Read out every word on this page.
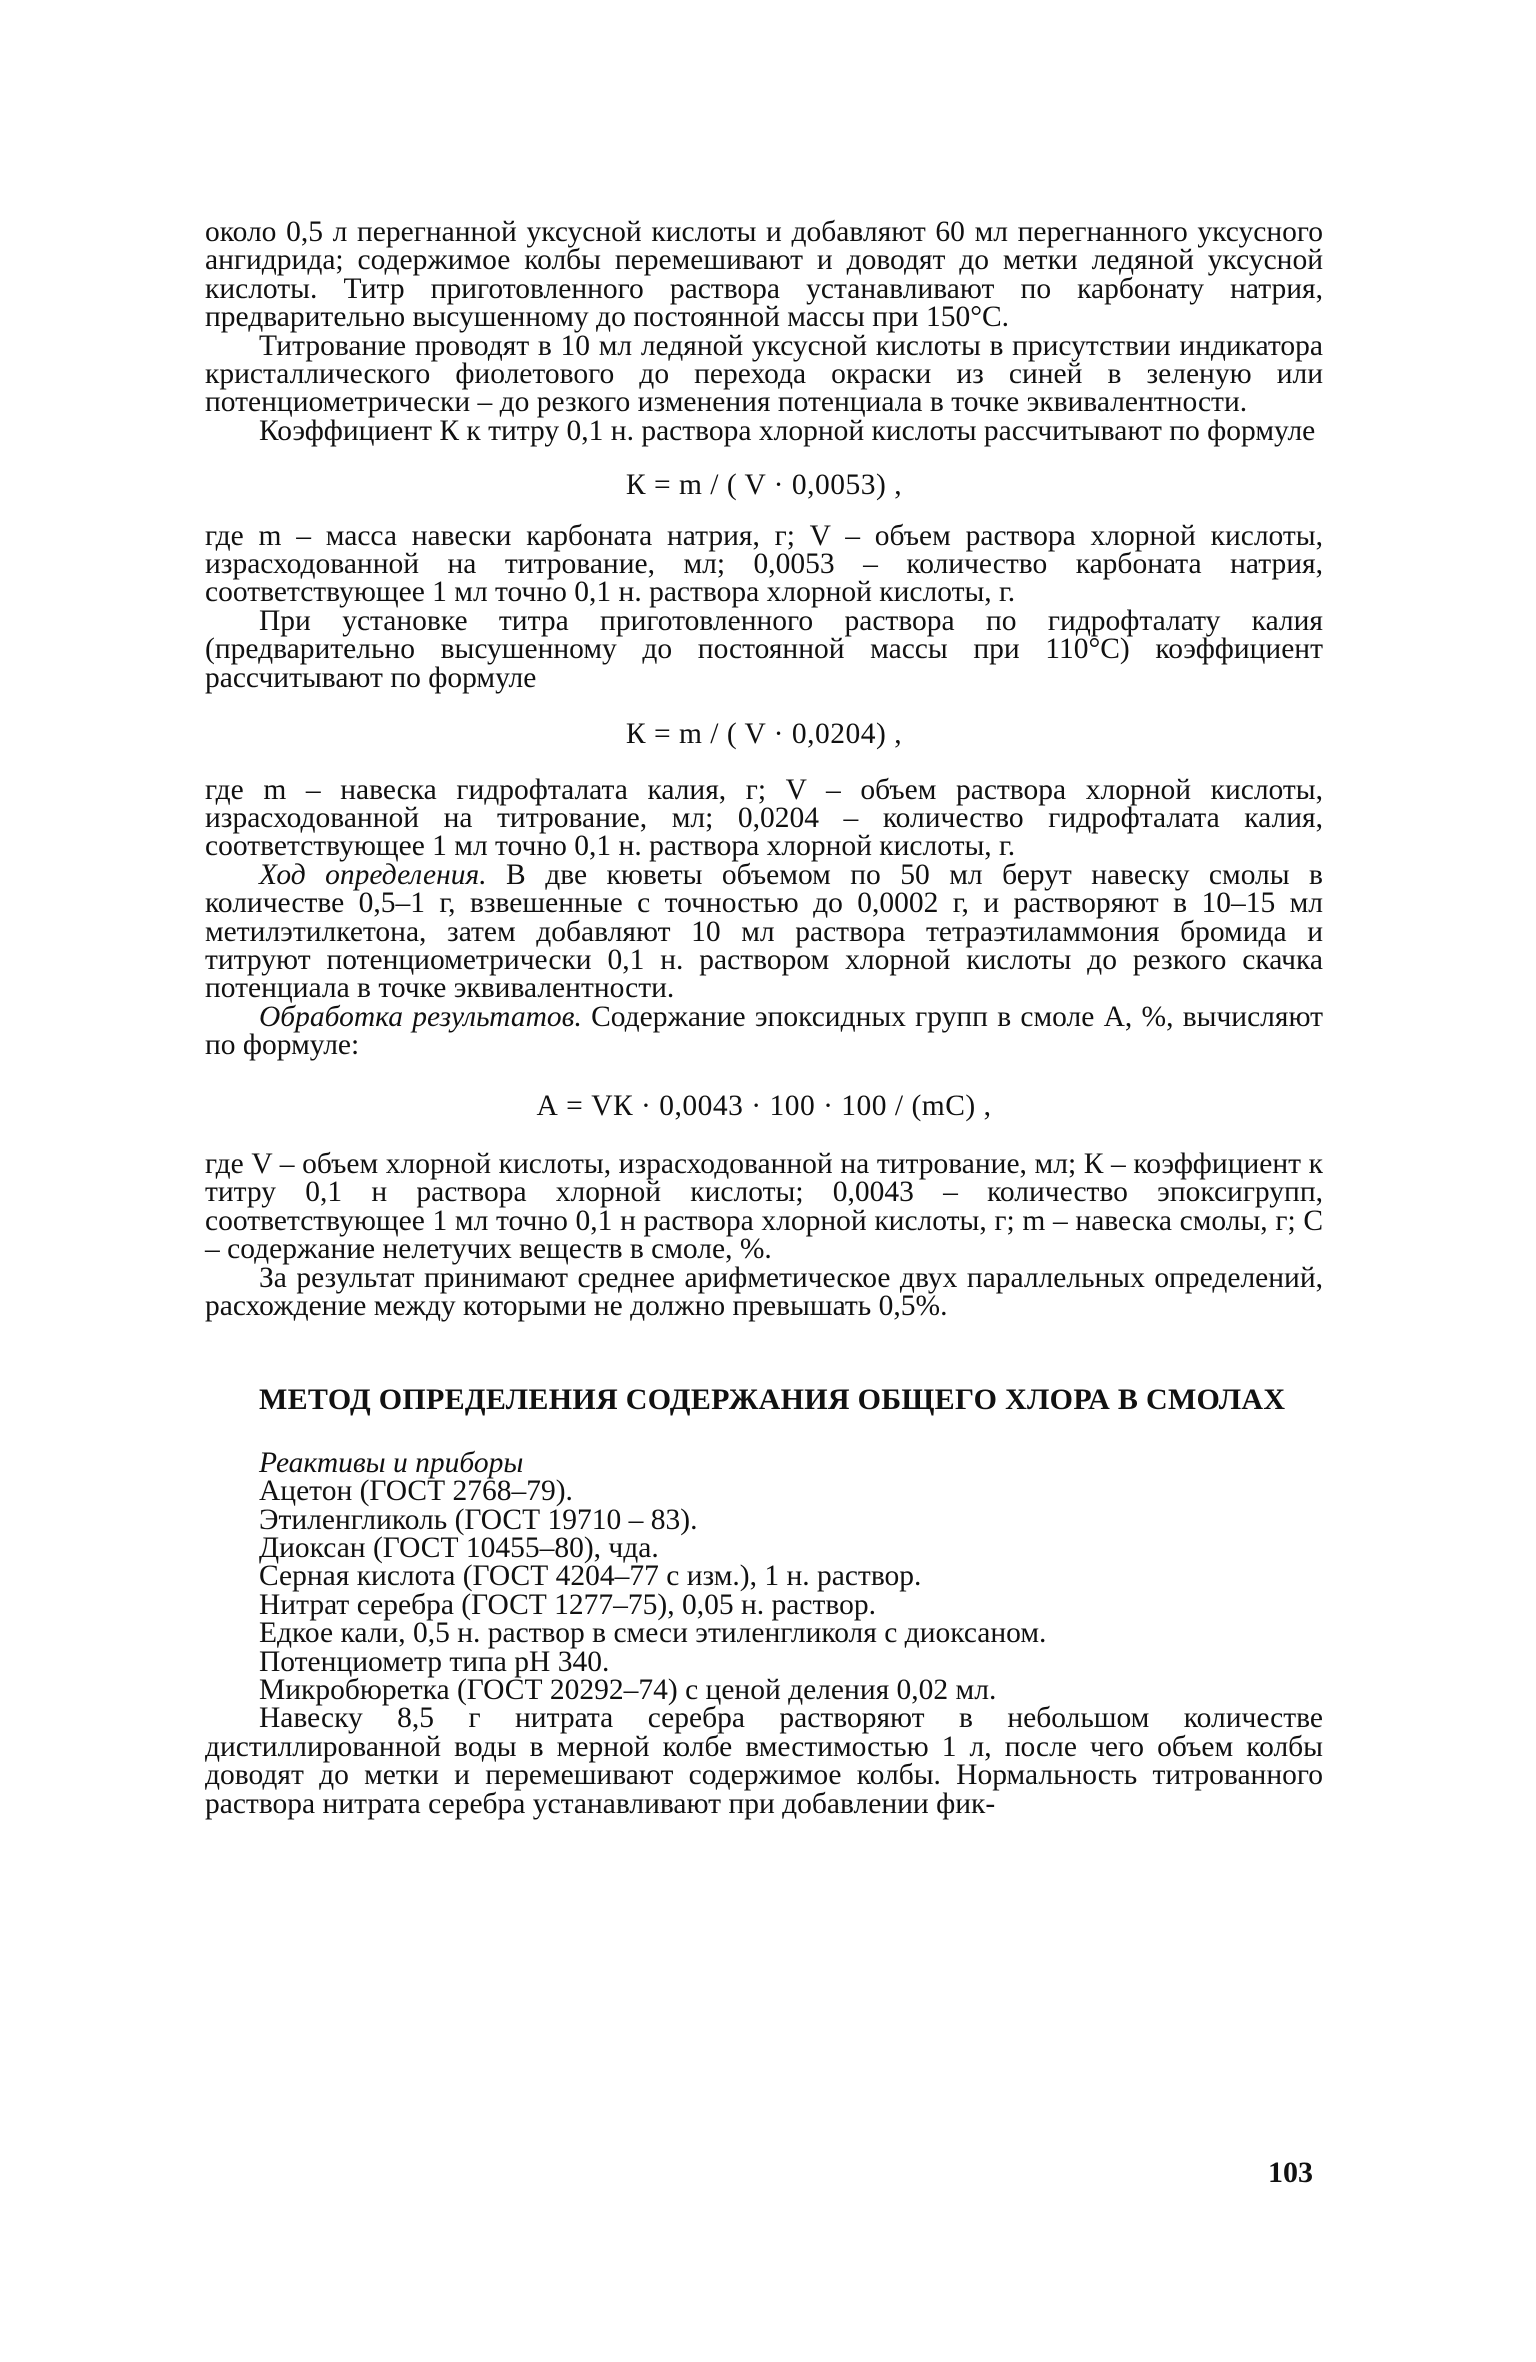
около 0,5 л перегнанной уксусной кислоты и добавляют 60 мл перегнанного уксусного ангидрида; содержимое колбы перемешивают и доводят до метки ледяной уксусной кислоты. Титр приготовленного раствора устанавливают по карбонату натрия, предварительно высушенному до постоянной массы при 150°С.

Титрование проводят в 10 мл ледяной уксусной кислоты в присутствии индикатора кристаллического фиолетового до перехода окраски из синей в зеленую или потенциометрически – до резкого изменения потенциала в точке эквивалентности.

Коэффициент К к титру 0,1 н. раствора хлорной кислоты рассчитывают по формуле

К = m / ( V · 0,0053) ,

где m – масса навески карбоната натрия, г; V – объем раствора хлорной кислоты, израсходованной на титрование, мл; 0,0053 – количество карбоната натрия, соответствующее 1 мл точно 0,1 н. раствора хлорной кислоты, г.

При установке титра приготовленного раствора по гидрофталату калия (предварительно высушенному до постоянной массы при 110°С) коэффициент рассчитывают по формуле

К = m / ( V · 0,0204) ,

где m – навеска гидрофталата калия, г; V – объем раствора хлорной кислоты, израсходованной на титрование, мл; 0,0204 – количество гидрофталата калия, соответствующее 1 мл точно 0,1 н. раствора хлорной кислоты, г.

Ход определения. В две кюветы объемом по 50 мл берут навеску смолы в количестве 0,5–1 г, взвешенные с точностью до 0,0002 г, и растворяют в 10–15 мл метилэтилкетона, затем добавляют 10 мл раствора тетраэтиламмония бромида и титруют потенциометрически 0,1 н. раствором хлорной кислоты до резкого скачка потенциала в точке эквивалентности.

Обработка результатов. Содержание эпоксидных групп в смоле А, %, вычисляют по формуле:

А = VК · 0,0043 · 100 · 100 / (mС) ,

где V – объем хлорной кислоты, израсходованной на титрование, мл; К – коэффициент к титру 0,1 н раствора хлорной кислоты; 0,0043 – количество эпоксигрупп, соответствующее 1 мл точно 0,1 н раствора хлорной кислоты, г; m – навеска смолы, г; С – содержание нелетучих веществ в смоле, %.

За результат принимают среднее арифметическое двух параллельных определений, расхождение между которыми не должно превышать 0,5%.

МЕТОД ОПРЕДЕЛЕНИЯ СОДЕРЖАНИЯ ОБЩЕГО ХЛОРА В СМОЛАХ

Реактивы и приборы

Ацетон (ГОСТ 2768–79).

Этиленгликоль (ГОСТ 19710 – 83).

Диоксан (ГОСТ 10455–80), чда.

Серная кислота (ГОСТ 4204–77 с изм.), 1 н. раствор.

Нитрат серебра (ГОСТ 1277–75), 0,05 н. раствор.

Едкое кали, 0,5 н. раствор в смеси этиленгликоля с диоксаном.

Потенциометр типа рН 340.

Микробюретка (ГОСТ 20292–74) с ценой деления 0,02 мл.

Навеску 8,5 г нитрата серебра растворяют в небольшом количестве дистиллированной воды в мерной колбе вместимостью 1 л, после чего объем колбы доводят до метки и перемешивают содержимое колбы. Нормальность титрованного раствора нитрата серебра устанавливают при добавлении фик-

103
